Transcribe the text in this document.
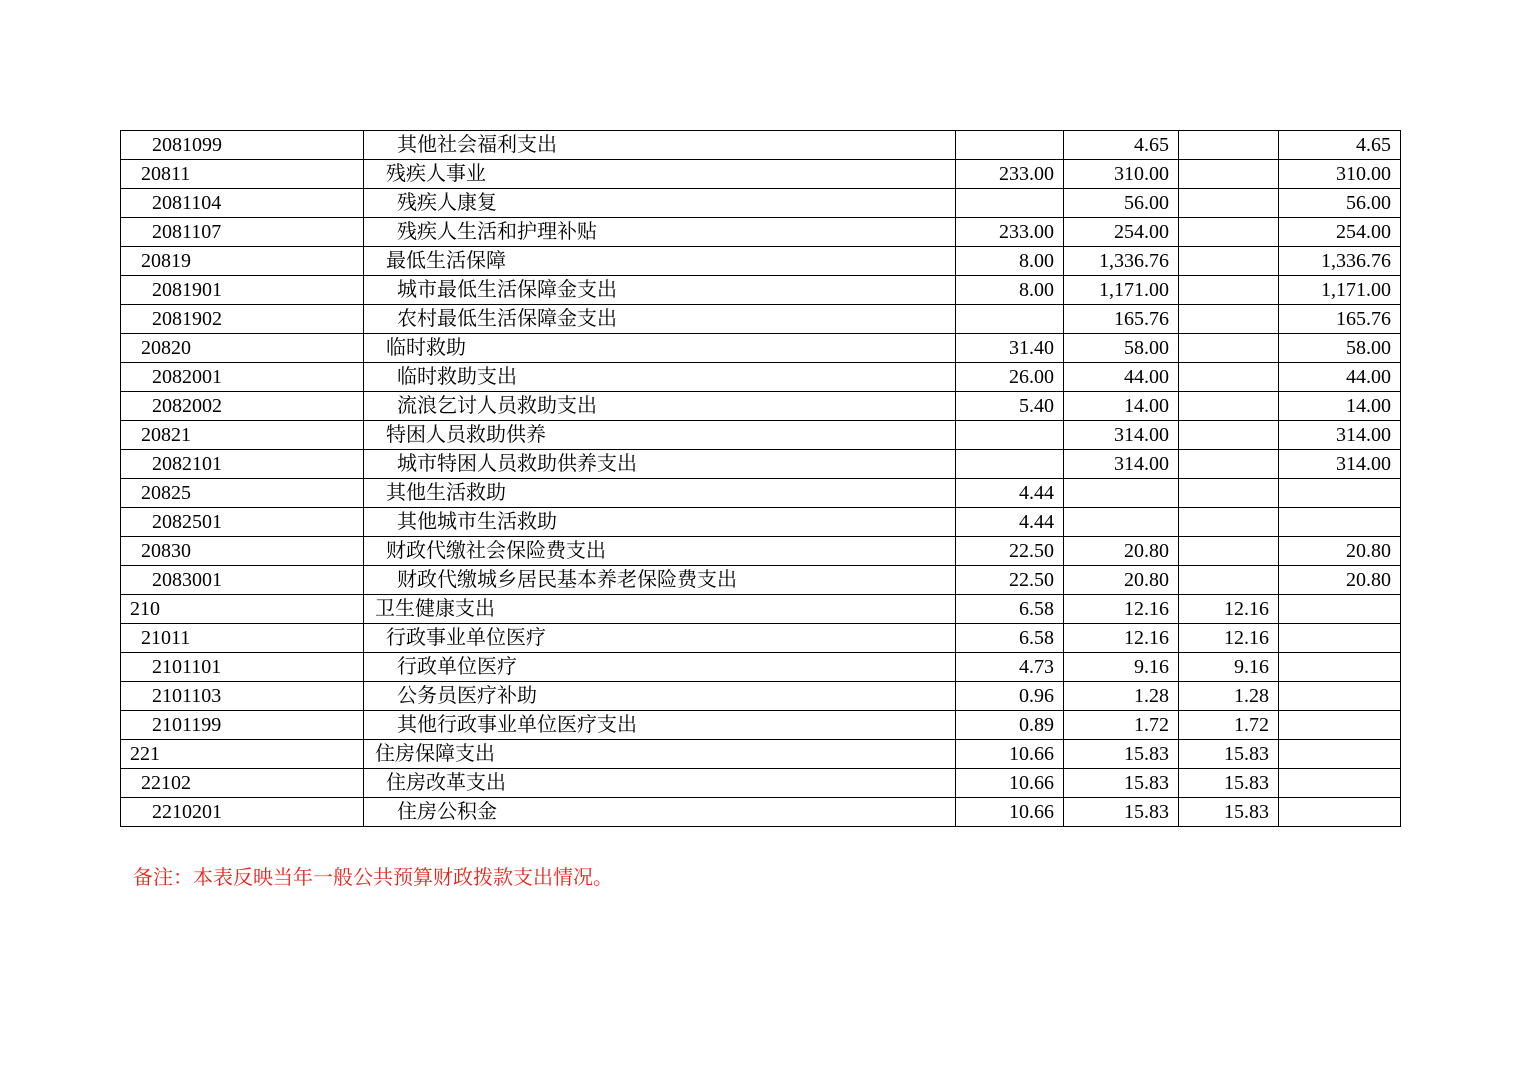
2081099	其他社会福利支出		4.65		4.65
20811	残疾人事业	233.00	310.00		310.00
2081104	残疾人康复		56.00		56.00
2081107	残疾人生活和护理补贴	233.00	254.00		254.00
20819	最低生活保障	8.00	1,336.76		1,336.76
2081901	城市最低生活保障金支出	8.00	1,171.00		1,171.00
2081902	农村最低生活保障金支出		165.76		165.76
20820	临时救助	31.40	58.00		58.00
2082001	临时救助支出	26.00	44.00		44.00
2082002	流浪乞讨人员救助支出	5.40	14.00		14.00
20821	特困人员救助供养		314.00		314.00
2082101	城市特困人员救助供养支出		314.00		314.00
20825	其他生活救助	4.44			
2082501	其他城市生活救助	4.44			
20830	财政代缴社会保险费支出	22.50	20.80		20.80
2083001	财政代缴城乡居民基本养老保险费支出	22.50	20.80		20.80
210	卫生健康支出	6.58	12.16	12.16	
21011	行政事业单位医疗	6.58	12.16	12.16	
2101101	行政单位医疗	4.73	9.16	9.16	
2101103	公务员医疗补助	0.96	1.28	1.28	
2101199	其他行政事业单位医疗支出	0.89	1.72	1.72	
221	住房保障支出	10.66	15.83	15.83	
22102	住房改革支出	10.66	15.83	15.83	
2210201	住房公积金	10.66	15.83	15.83	
备注：本表反映当年一般公共预算财政拨款支出情况。
